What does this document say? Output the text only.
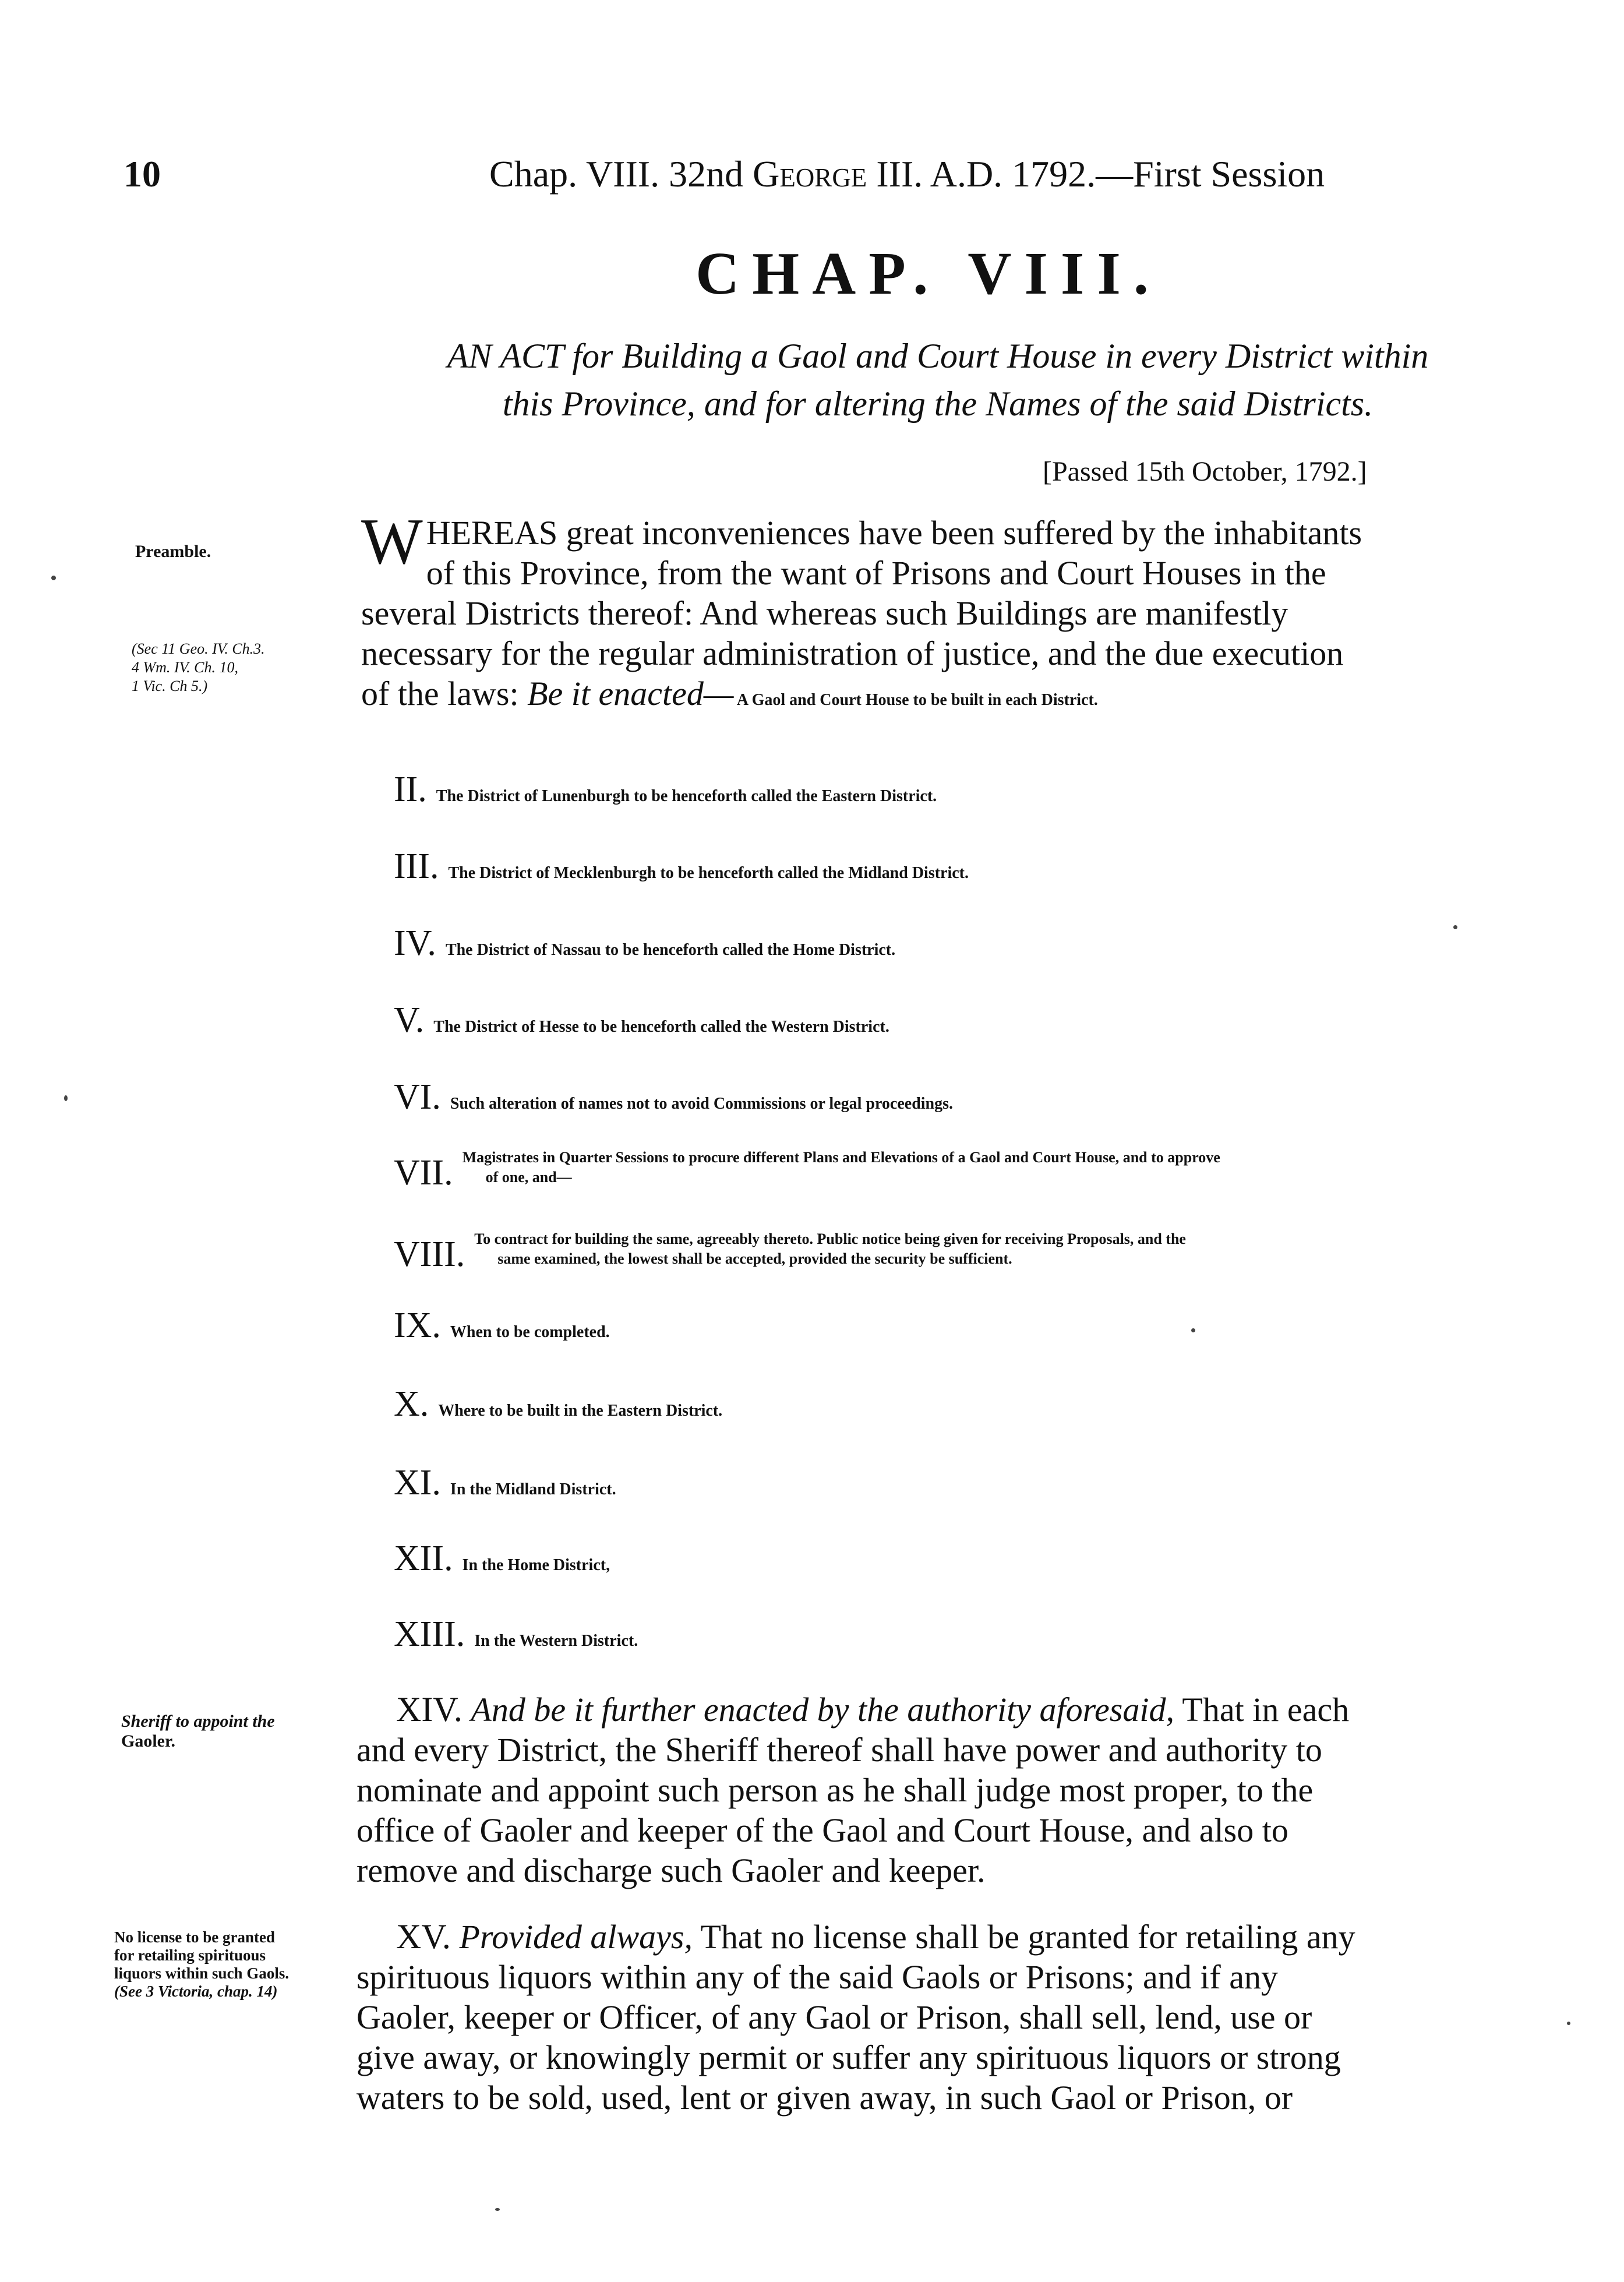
10	Chap. VIII. 32nd George III. A.D. 1792.—First Session
CHAP. VIII.
AN ACT for Building a Gaol and Court House in every District within
this Province, and for altering the Names of the said Districts.
[Passed 15th October, 1792.]
Preamble.
(Sec 11 Geo. IV. Ch.3.
4 Wm. IV. Ch. 10,
1 Vic. Ch 5.)
WHEREAS great inconveniences have been suffered by the inhabitants
of this Province, from the want of Prisons and Court Houses in the
several Districts thereof: And whereas such Buildings are manifestly
necessary for the regular administration of justice, and the due execution
of the laws: Be it enacted— A Gaol and Court House to be built in each District.
II. The District of Lunenburgh to be henceforth called the Eastern District.
III. The District of Mecklenburgh to be henceforth called the Midland District.
IV. The District of Nassau to be henceforth called the Home District.
V. The District of Hesse to be henceforth called the Western District.
VI. Such alteration of names not to avoid Commissions or legal proceedings.
VII. Magistrates in Quarter Sessions to procure different Plans and Elevations of a Gaol and Court House, and to approve
of one, and—
VIII. To contract for building the same, agreeably thereto. Public notice being given for receiving Proposals, and the
same examined, the lowest shall be accepted, provided the security be sufficient.
IX. When to be completed.
X. Where to be built in the Eastern District.
XI. In the Midland District.
XII. In the Home District,
XIII. In the Western District.
Sheriff to appoint the
Gaoler.
XIV. And be it further enacted by the authority aforesaid, That in each
and every District, the Sheriff thereof shall have power and authority to
nominate and appoint such person as he shall judge most proper, to the
office of Gaoler and keeper of the Gaol and Court House, and also to
remove and discharge such Gaoler and keeper.
No license to be granted
for retailing spirituous
liquors within such Gaols.
(See 3 Victoria, chap. 14)
XV. Provided always, That no license shall be granted for retailing any
spirituous liquors within any of the said Gaols or Prisons; and if any
Gaoler, keeper or Officer, of any Gaol or Prison, shall sell, lend, use or
give away, or knowingly permit or suffer any spirituous liquors or strong
waters to be sold, used, lent or given away, in such Gaol or Prison, or
